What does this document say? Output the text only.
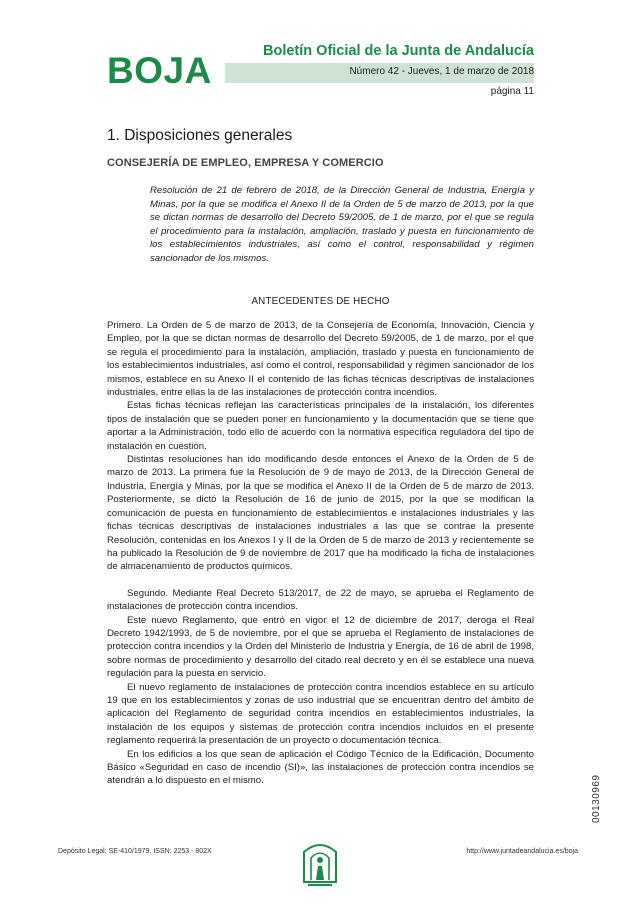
BOJA	Boletín Oficial de la Junta de Andalucía
Número 42 - Jueves, 1 de marzo de 2018
página 11
1. Disposiciones generales
CONSEJERÍA DE EMPLEO, EMPRESA Y COMERCIO
Resolución de 21 de febrero de 2018, de la Dirección General de Industria, Energía y Minas, por la que se modifica el Anexo II de la Orden de 5 de marzo de 2013, por la que se dictan normas de desarrollo del Decreto 59/2005, de 1 de marzo, por el que se regula el procedimiento para la instalación, ampliación, traslado y puesta en funcionamiento de los establecimientos industriales, así como el control, responsabilidad y régimen sancionador de los mismos.
ANTECEDENTES DE HECHO

Primero. La Orden de 5 de marzo de 2013, de la Consejería de Economía, Innovación, Ciencia y Empleo, por la que se dictan normas de desarrollo del Decreto 59/2005, de 1 de marzo, por el que se regula el procedimiento para la instalación, ampliación, traslado y puesta en funcionamiento de los establecimientos industriales, así como el control, responsabilidad y régimen sancionador de los mismos, establece en su Anexo II el contenido de las fichas técnicas descriptivas de instalaciones industriales, entre ellas la de las instalaciones de protección contra incendios.

Estas fichas técnicas reflejan las características principales de la instalación, los diferentes tipos de instalación que se pueden poner en funcionamiento y la documentación que se tiene que aportar a la Administración, todo ello de acuerdo con la normativa específica reguladora del tipo de instalación en cuestión.

Distintas resoluciones han ido modificando desde entonces el Anexo de la Orden de 5 de marzo de 2013. La primera fue la Resolución de 9 de mayo de 2013, de la Dirección General de Industria, Energía y Minas, por la que se modifica el Anexo II de la Orden de 5 de marzo de 2013. Posteriormente, se dictó la Resolución de 16 de junio de 2015, por la que se modifican la comunicación de puesta en funcionamiento de establecimientos e instalaciones industriales y las fichas técnicas descriptivas de instalaciones industriales a las que se contrae la presente Resolución, contenidas en los Anexos I y II de la Orden de 5 de marzo de 2013 y recientemente se ha publicado la Resolución de 9 de noviembre de 2017 que ha modificado la ficha de instalaciones de almacenamiento de productos químicos.

Segundo. Mediante Real Decreto 513/2017, de 22 de mayo, se aprueba el Reglamento de instalaciones de protección contra incendios.

Este nuevo Reglamento, que entró en vigor el 12 de diciembre de 2017, deroga el Real Decreto 1942/1993, de 5 de noviembre, por el que se aprueba el Reglamento de instalaciones de protección contra incendios y la Orden del Ministerio de Industria y Energía, de 16 de abril de 1998, sobre normas de procedimiento y desarrollo del citado real decreto y en él se establece una nueva regulación para la puesta en servicio.

El nuevo reglamento de instalaciones de protección contra incendios establece en su artículo 19 que en los establecimientos y zonas de uso industrial que se encuentran dentro del ámbito de aplicación del Reglamento de seguridad contra incendios en establecimientos industriales, la instalación de los equipos y sistemas de protección contra incendios incluidos en el presente reglamento requerirá la presentación de un proyecto o documentación técnica.

En los edificios a los que sean de aplicación el Código Técnico de la Edificación, Documento Básico «Seguridad en caso de incendio (SI)», las instalaciones de protección contra incendios se atendrán a lo dispuesto en el mismo.	00130969
Depósito Legal: SE-410/1979. ISSN: 2253 - 802X	http://www.juntadeandalucia.es/boja
